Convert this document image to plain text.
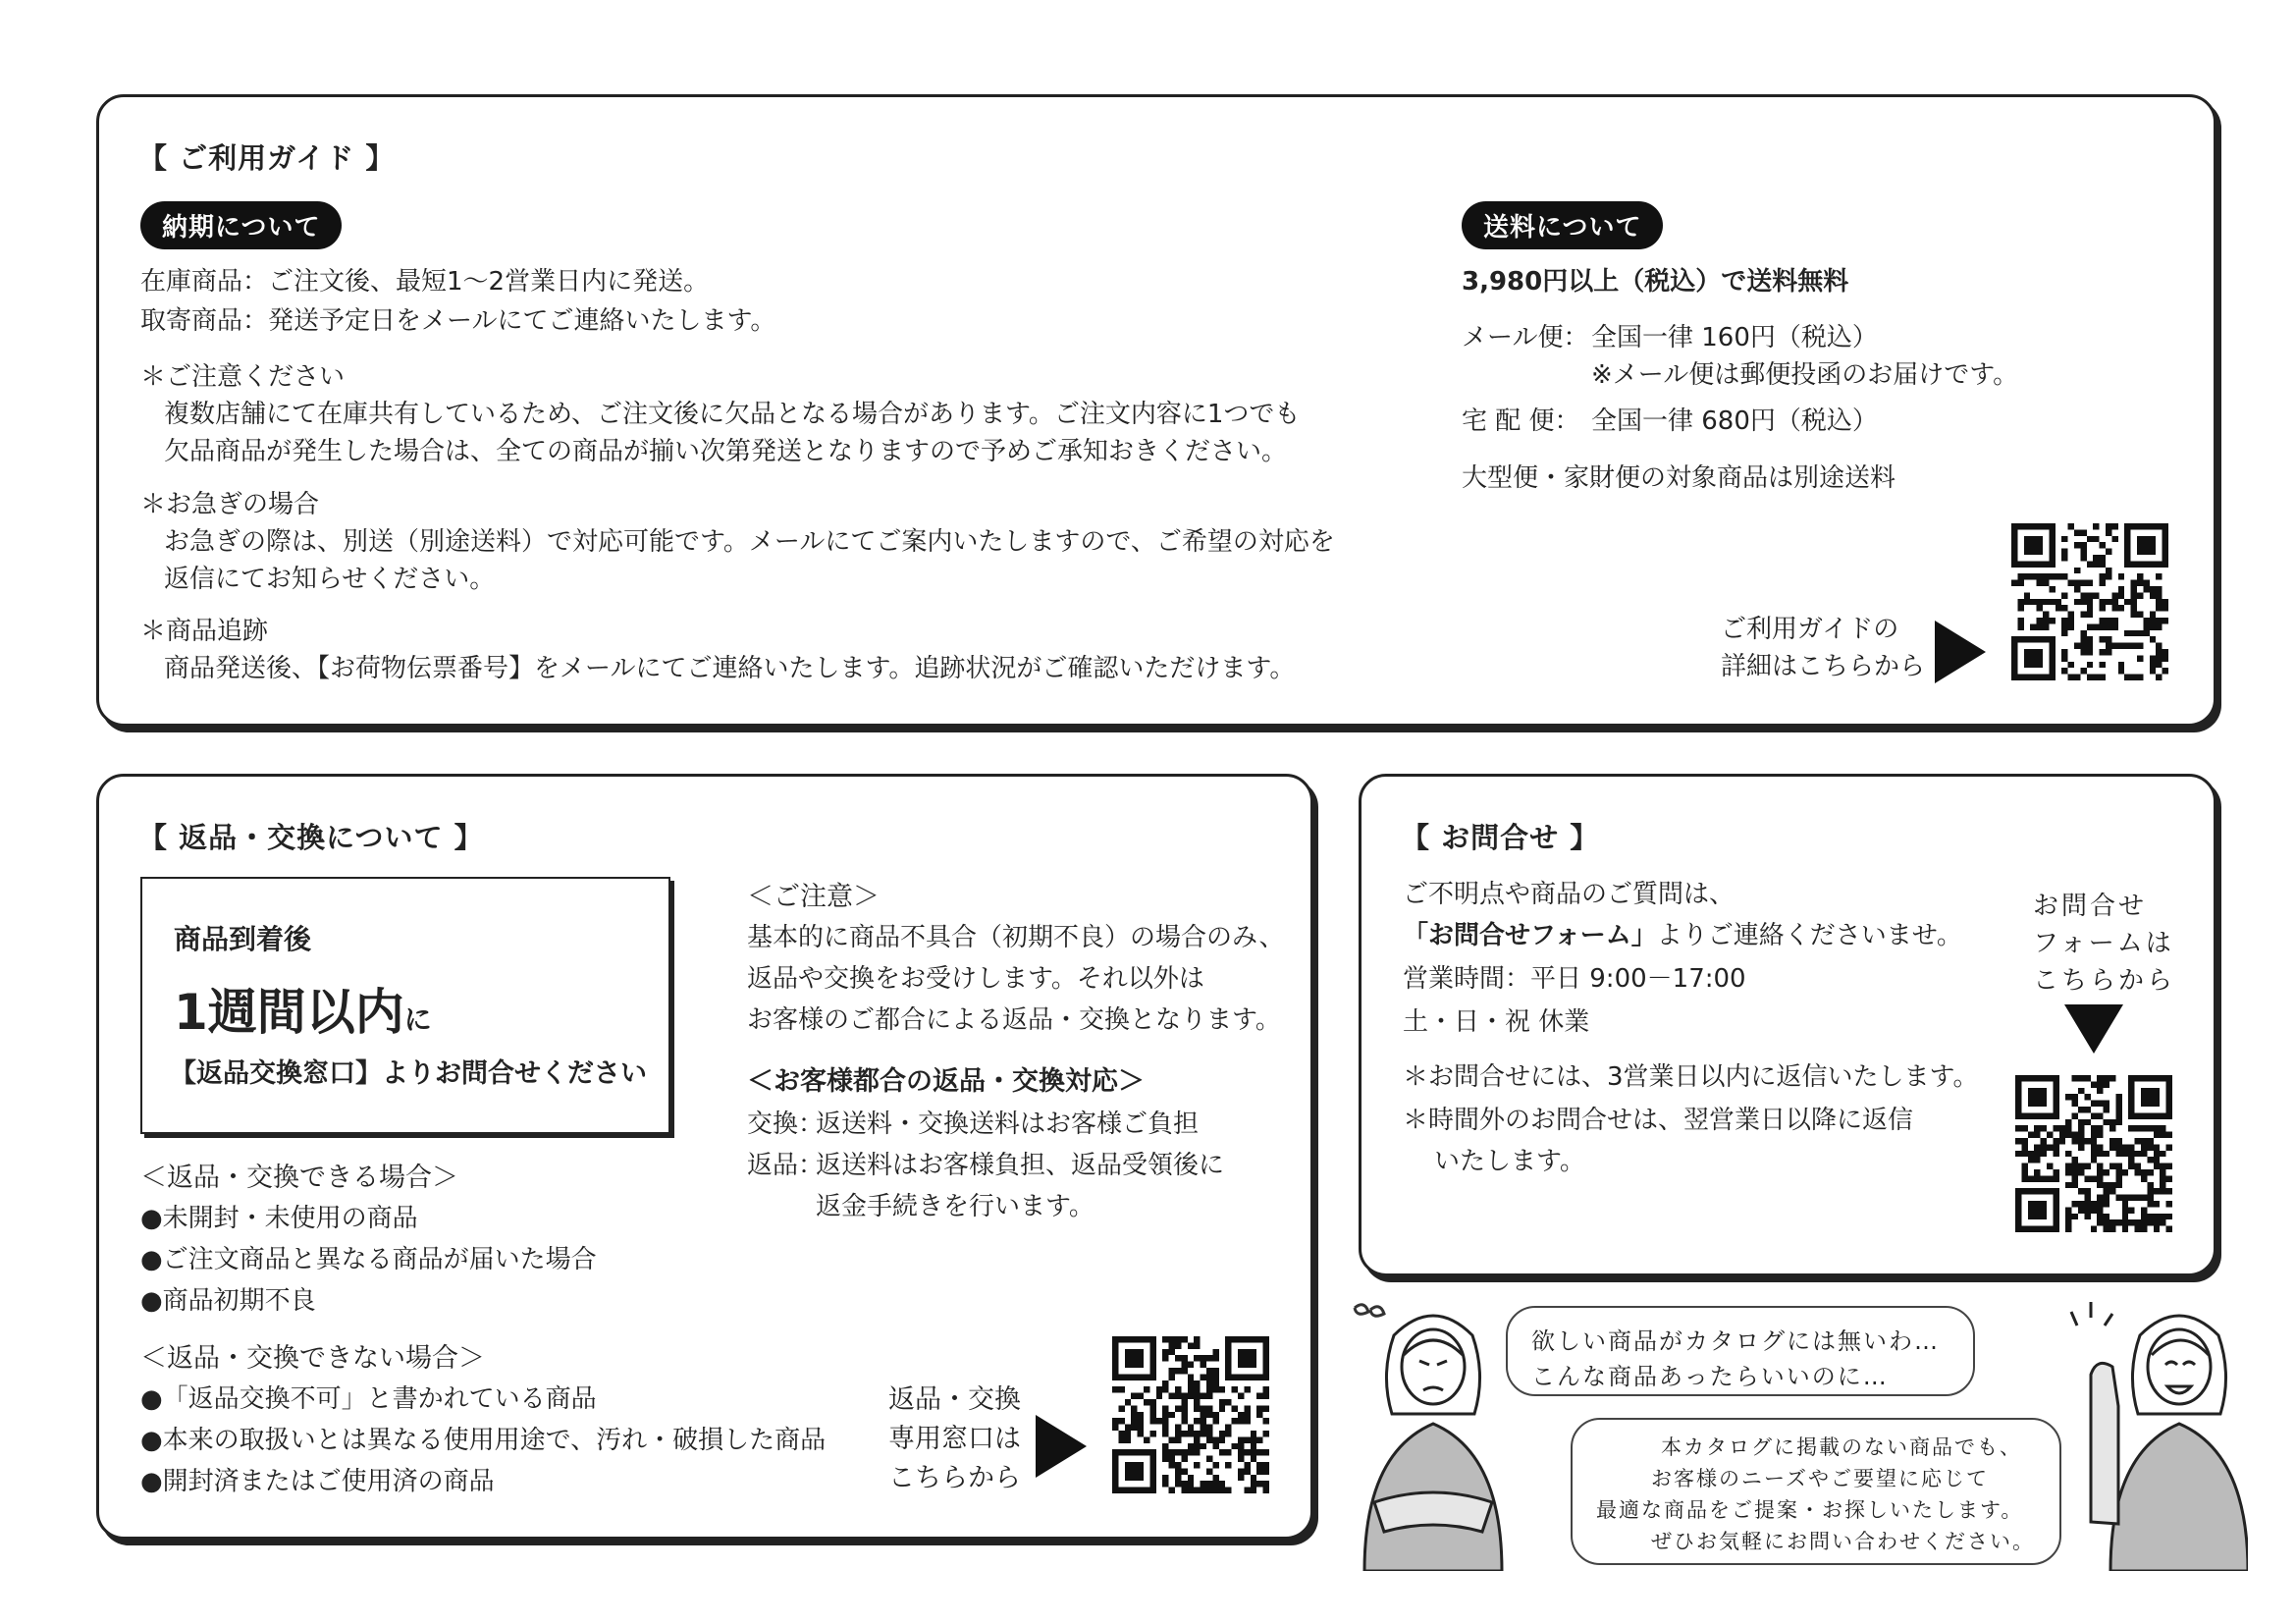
【 ご利用ガイド 】
納期について
在庫商品：ご注文後、最短1～2営業日内に発送。
取寄商品：発送予定日をメールにてご連絡いたします。
＊ご注意ください
複数店舗にて在庫共有しているため、ご注文後に欠品となる場合があります。ご注文内容に1つでも
欠品商品が発生した場合は、全ての商品が揃い次第発送となりますので予めご承知おきください。
＊お急ぎの場合
お急ぎの際は、別送（別途送料）で対応可能です。メールにてご案内いたしますので、ご希望の対応を
返信にてお知らせください。
＊商品追跡
商品発送後、【お荷物伝票番号】をメールにてご連絡いたします。追跡状況がご確認いただけます。
送料について
3,980円以上（税込）で送料無料
メール便： 全国一律 160円（税込）
※メール便は郵便投函のお届けです。
宅 配 便： 全国一律 680円（税込）
大型便・家財便の対象商品は別途送料
ご利用ガイドの
詳細はこちらから
【 返品・交換について 】
商品到着後
1週間以内に
【返品交換窓口】よりお問合せください
＜返品・交換できる場合＞
●未開封・未使用の商品
●ご注文商品と異なる商品が届いた場合
●商品初期不良
＜返品・交換できない場合＞
●「返品交換不可」と書かれている商品
●本来の取扱いとは異なる使用用途で、汚れ・破損した商品
●開封済またはご使用済の商品
＜ご注意＞
基本的に商品不具合（初期不良）の場合のみ、
返品や交換をお受けします。それ以外は
お客様のご都合による返品・交換となります。
＜お客様都合の返品・交換対応＞
交換：
返送料・交換送料はお客様ご負担
返品：
返送料はお客様負担、返品受領後に
返金手続きを行います。
返品・交換
専用窓口は
こちらから
【 お問合せ 】
ご不明点や商品のご質問は、
「お問合せフォーム」よりご連絡くださいませ。
営業時間：平日 9:00－17:00
土・日・祝 休業
＊お問合せには、3営業日以内に返信いたします。
＊時間外のお問合せは、翌営業日以降に返信
いたします。
お問合せ
フォームは
こちらから
欲しい商品がカタログには無いわ…
こんな商品あったらいいのに…
本カタログに掲載のない商品でも、
お客様のニーズやご要望に応じて
最適な商品をご提案・お探しいたします。
ぜひお気軽にお問い合わせください。
